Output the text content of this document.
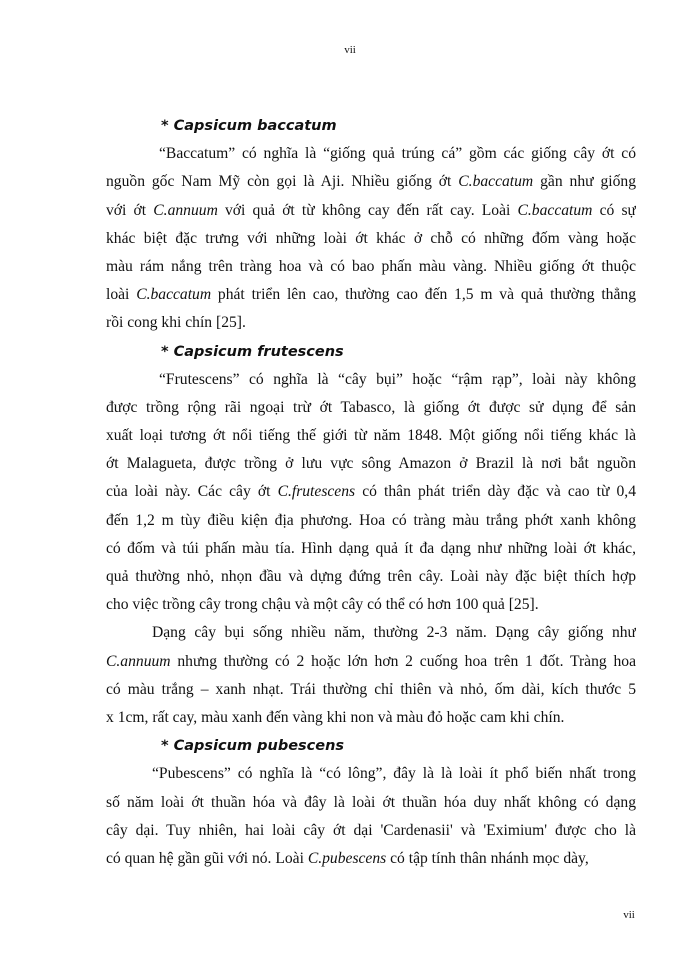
vii
* Capsicum baccatum

“Baccatum” có nghĩa là “giống quả trúng cá” gồm các giống cây ớt có
nguồn gốc Nam Mỹ còn gọi là Aji. Nhiều giống ớt C.baccatum gần như giống
với ớt C.annuum với quả ớt từ không cay đến rất cay. Loài C.baccatum có sự
khác biệt đặc trưng với những loài ớt khác ở chỗ có những đốm vàng hoặc
màu rám nắng trên tràng hoa và có bao phấn màu vàng. Nhiều giống ớt thuộc
loài C.baccatum phát triển lên cao, thường cao đến 1,5 m và quả thường thẳng
rồi cong khi chín [25].

* Capsicum frutescens

“Frutescens” có nghĩa là “cây bụi” hoặc “rậm rạp”, loài này không
được trồng rộng rãi ngoại trừ ớt Tabasco, là giống ớt được sử dụng để sản
xuất loại tương ớt nổi tiếng thế giới từ năm 1848. Một giống nổi tiếng khác là
ớt Malagueta, được trồng ở lưu vực sông Amazon ở Brazil là nơi bắt nguồn
của loài này. Các cây ớt C.frutescens có thân phát triển dày đặc và cao từ 0,4
đến 1,2 m tùy điều kiện địa phương. Hoa có tràng màu trắng phớt xanh không
có đốm và túi phấn màu tía. Hình dạng quả ít đa dạng như những loài ớt khác,
quả thường nhỏ, nhọn đầu và dựng đứng trên cây. Loài này đặc biệt thích hợp
cho việc trồng cây trong chậu và một cây có thể có hơn 100 quả [25].

Dạng cây bụi sống nhiều năm, thường 2-3 năm. Dạng cây giống như
C.annuum nhưng thường có 2 hoặc lớn hơn 2 cuống hoa trên 1 đốt. Tràng hoa
có màu trắng – xanh nhạt. Trái thường chỉ thiên và nhỏ, ốm dài, kích thước 5
x 1cm, rất cay, màu xanh đến vàng khi non và màu đỏ hoặc cam khi chín.

* Capsicum pubescens

“Pubescens” có nghĩa là “có lông”, đây là là loài ít phổ biến nhất trong
số năm loài ớt thuần hóa và đây là loài ớt thuần hóa duy nhất không có dạng
cây dại. Tuy nhiên, hai loài cây ớt dại 'Cardenasii' và 'Eximium' được cho là
có quan hệ gần gũi với nó. Loài C.pubescens có tập tính thân nhánh mọc dày,

vii
